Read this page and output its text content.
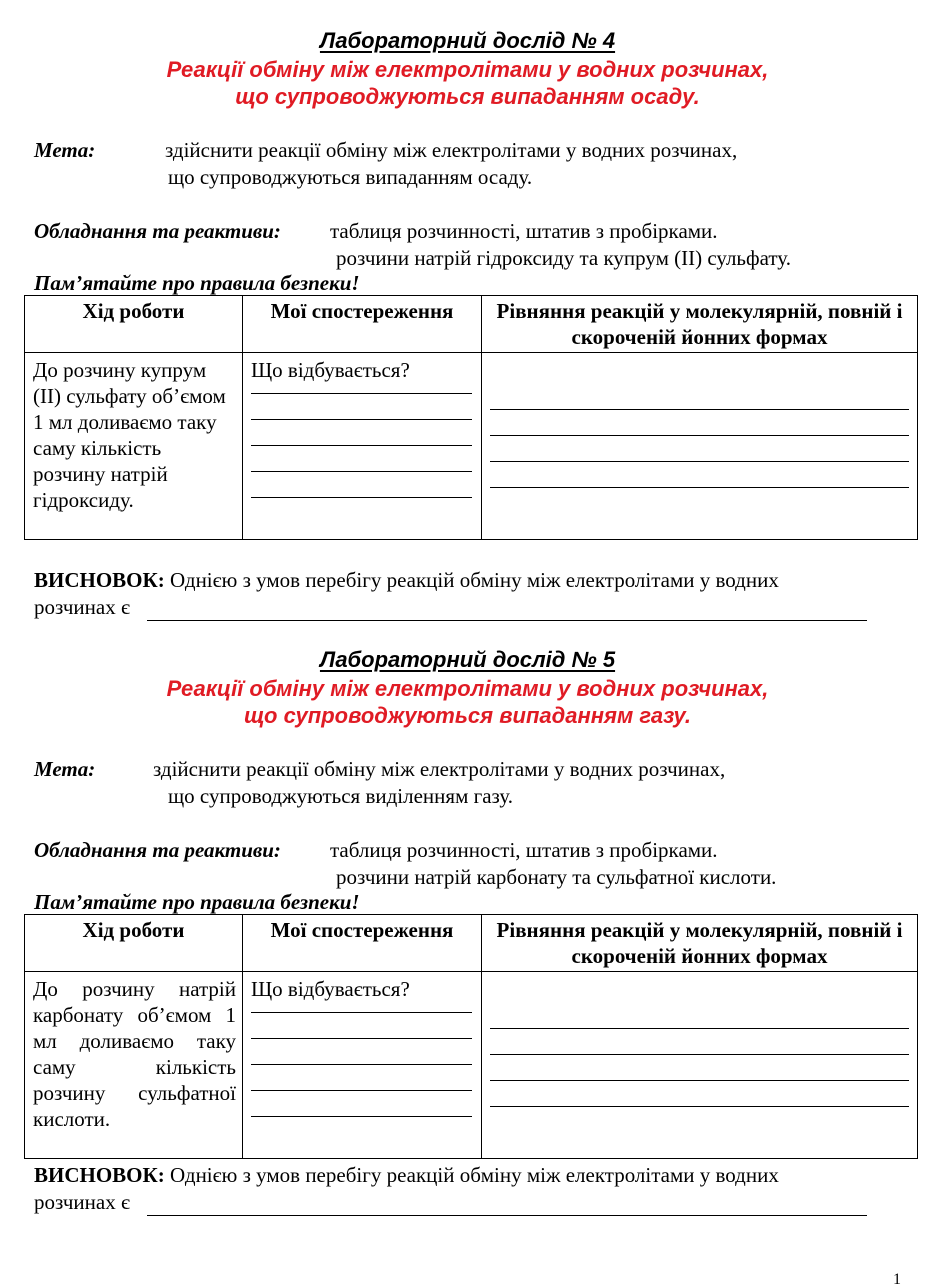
Лабораторний дослід № 4
Реакції обміну між електролітами у водних розчинах,
що супроводжуються випаданням осаду.
Мета:	здійснити реакції обміну між електролітами у водних розчинах,
що супроводжуються випаданням осаду.
Обладнання та реактиви: таблиця розчинності, штатив з пробірками.
розчини натрій гідроксиду та купрум (ІІ) сульфату.
Пам’ятайте про правила безпеки!
Хід роботи	Мої спостереження	Рівняння реакцій у молекулярній, повній і скороченій йонних формах

До розчину купрум (ІІ) сульфату об’ємом 1 мл доливаємо таку саму кількість розчину натрій гідроксиду.	Що відбувається?	

ВИСНОВОК: Однією з умов перебігу реакцій обміну між електролітами у водних
розчинах є
Лабораторний дослід № 5
Реакції обміну між електролітами у водних розчинах,
що супроводжуються випаданням газу.
Мета:	здійснити реакції обміну між електролітами у водних розчинах,
що супроводжуються виділенням газу.
Обладнання та реактиви: таблиця розчинності, штатив з пробірками.
розчини натрій карбонату та сульфатної кислоти.
Пам’ятайте про правила безпеки!
Хід роботи	Мої спостереження	Рівняння реакцій у молекулярній, повній і скороченій йонних формах

До розчину натрій карбонату об’ємом 1 мл доливаємо таку саму кількість розчину сульфатної кислоти.	Що відбувається?	

ВИСНОВОК: Однією з умов перебігу реакцій обміну між електролітами у водних
розчинах є
1
